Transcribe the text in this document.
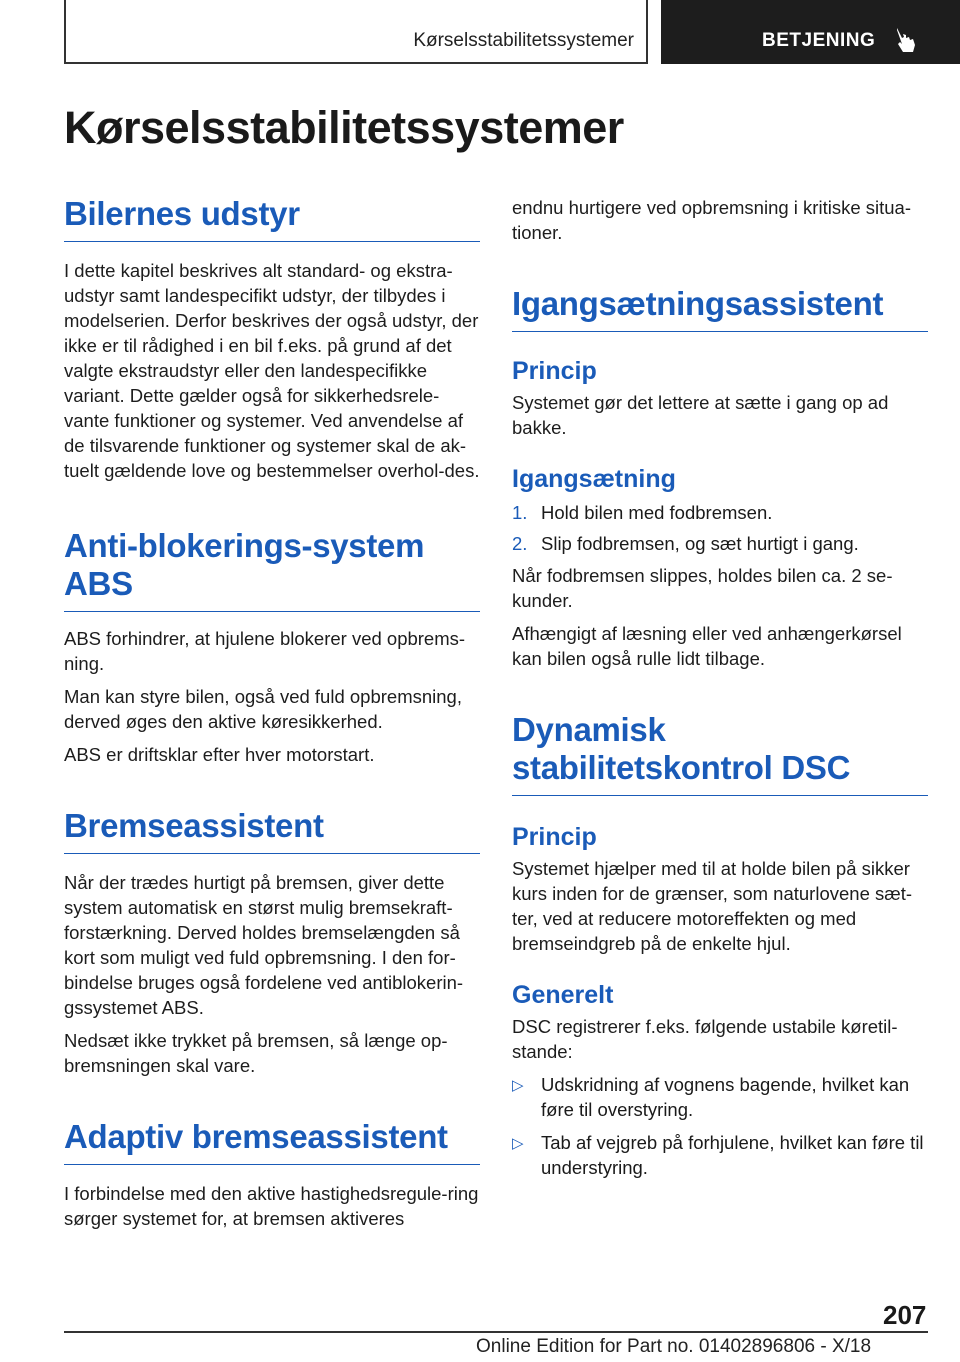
Kørselsstabilitetssystemer	BETJENING
Kørselsstabilitetssystemer
Bilernes udstyr

I dette kapitel beskrives alt standard- og ekstra-udstyr samt landespecifikt udstyr, der tilbydes i modelserien. Derfor beskrives der også udstyr, der ikke er til rådighed i en bil f.eks. på grund af det valgte ekstraudstyr eller den landespecifikke variant. Dette gælder også for sikkerhedsrele-vante funktioner og systemer. Ved anvendelse af de tilsvarende funktioner og systemer skal de ak-tuelt gældende love og bestemmelser overhol-des.

Anti-blokerings-system ABS

ABS forhindrer, at hjulene blokerer ved opbrems-ning.

Man kan styre bilen, også ved fuld opbremsning, derved øges den aktive køresikkerhed.

ABS er driftsklar efter hver motorstart.

Bremseassistent

Når der trædes hurtigt på bremsen, giver dette system automatisk en størst mulig bremsekraft-forstærkning. Derved holdes bremselængden så kort som muligt ved fuld opbremsning. I den for-bindelse bruges også fordelene ved antiblokerin-gssystemet ABS.

Nedsæt ikke trykket på bremsen, så længe op-bremsningen skal vare.

Adaptiv bremseassistent

I forbindelse med den aktive hastighedsregule-ring sørger systemet for, at bremsen aktiveres

endnu hurtigere ved opbremsning i kritiske situa-tioner.

Igangsætningsassistent
Princip

Systemet gør det lettere at sætte i gang op ad bakke.

Igangsætning
1. Hold bilen med fodbremsen.
2. Slip fodbremsen, og sæt hurtigt i gang.

Når fodbremsen slippes, holdes bilen ca. 2 se-kunder.

Afhængigt af læsning eller ved anhængerkørsel kan bilen også rulle lidt tilbage.

Dynamisk stabilitetskontrol DSC
Princip

Systemet hjælper med til at holde bilen på sikker kurs inden for de grænser, som naturlovene sæt-ter, ved at reducere motoreffekten og med bremseindgreb på de enkelte hjul.

Generelt

DSC registrerer f.eks. følgende ustabile køretil-stande:

▷ Udskridning af vognens bagende, hvilket kan føre til overstyring.
▷ Tab af vejgreb på forhjulene, hvilket kan føre til understyring.
207
Online Edition for Part no. 01402896806 - X/18
